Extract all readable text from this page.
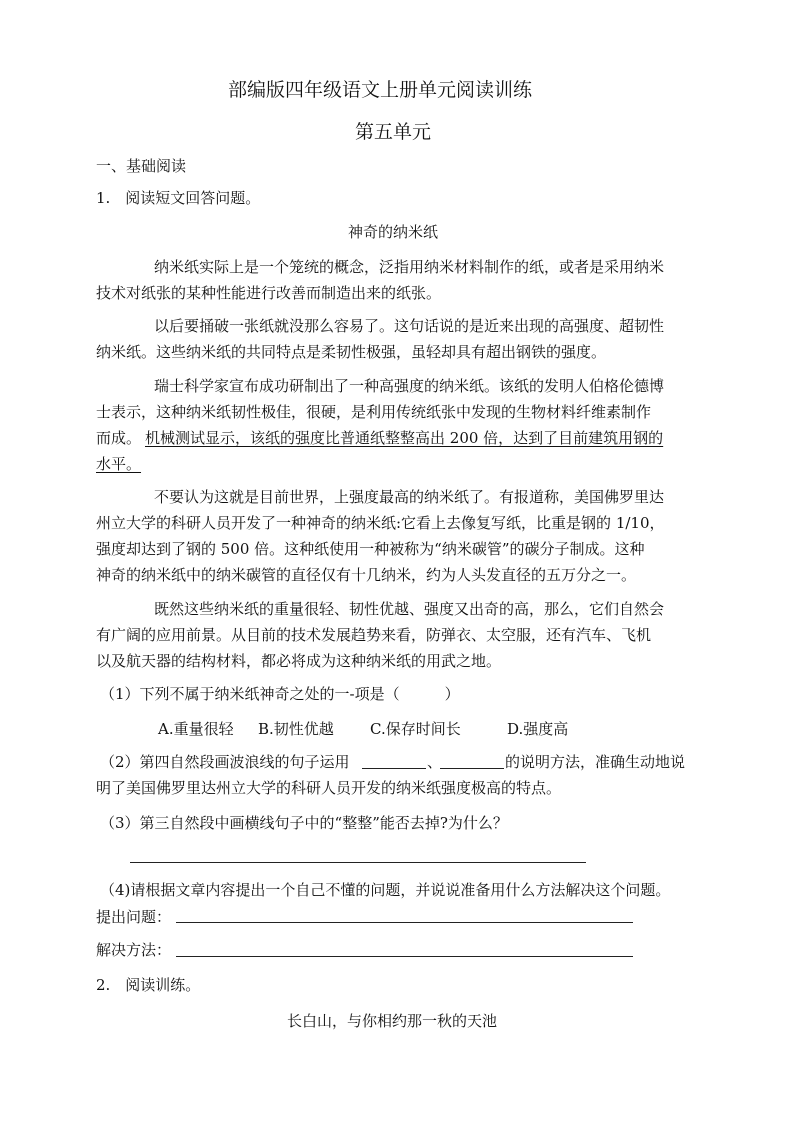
部编版四年级语文上册单元阅读训练
第五单元
一、基础阅读
1.　阅读短文回答问题。
神奇的纳米纸
纳米纸实际上是一个笼统的概念，泛指用纳米材料制作的纸，或者是采用纳米
技术对纸张的某种性能进行改善而制造出来的纸张。
以后要捅破一张纸就没那么容易了。这句话说的是近来出现的高强度、超韧性
纳米纸。这些纳米纸的共同特点是柔韧性极强，虽轻却具有超出钢铁的强度。
瑞士科学家宣布成功研制出了一种高强度的纳米纸。该纸的发明人伯格伦德博
士表示，这种纳米纸韧性极佳，很硬，是利用传统纸张中发现的生物材料纤维素制作
而成。 机械测试显示，该纸的强度比普通纸整整高出 200 倍，达到了目前建筑用钢的
水平。
不要认为这就是目前世界，上强度最高的纳米纸了。有报道称，美国佛罗里达
州立大学的科研人员开发了一种神奇的纳米纸:它看上去像复写纸，比重是钢的 1/10，
强度却达到了钢的 500 倍。这种纸使用一种被称为“纳米碳管”的碳分子制成。这种
神奇的纳米纸中的纳米碳管的直径仅有十几纳米，约为人头发直径的五万分之一。
既然这些纳米纸的重量很轻、韧性优越、强度又出奇的高，那么，它们自然会
有广阔的应用前景。从目前的技术发展趋势来看，防弹衣、太空服，还有汽车、飞机
以及航天器的结构材料，都必将成为这种纳米纸的用武之地。
（1）下列不属于纳米纸神奇之处的一-项是（　　　）
A.重量很轻 B.韧性优越 C.保存时间长	D.强度高
（2）第四自然段画波浪线的句子运用	、	的说明方法，准确生动地说
明了美国佛罗里达州立大学的科研人员开发的纳米纸强度极高的特点。
（3）第三自然段中画横线句子中的“整整”能否去掉?为什么？
（4)请根据文章内容提出一个自己不懂的问题，并说说准备用什么方法解决这个问题。
提出问题：
解决方法：
2.　阅读训练。
长白山，与你相约那一秋的天池
